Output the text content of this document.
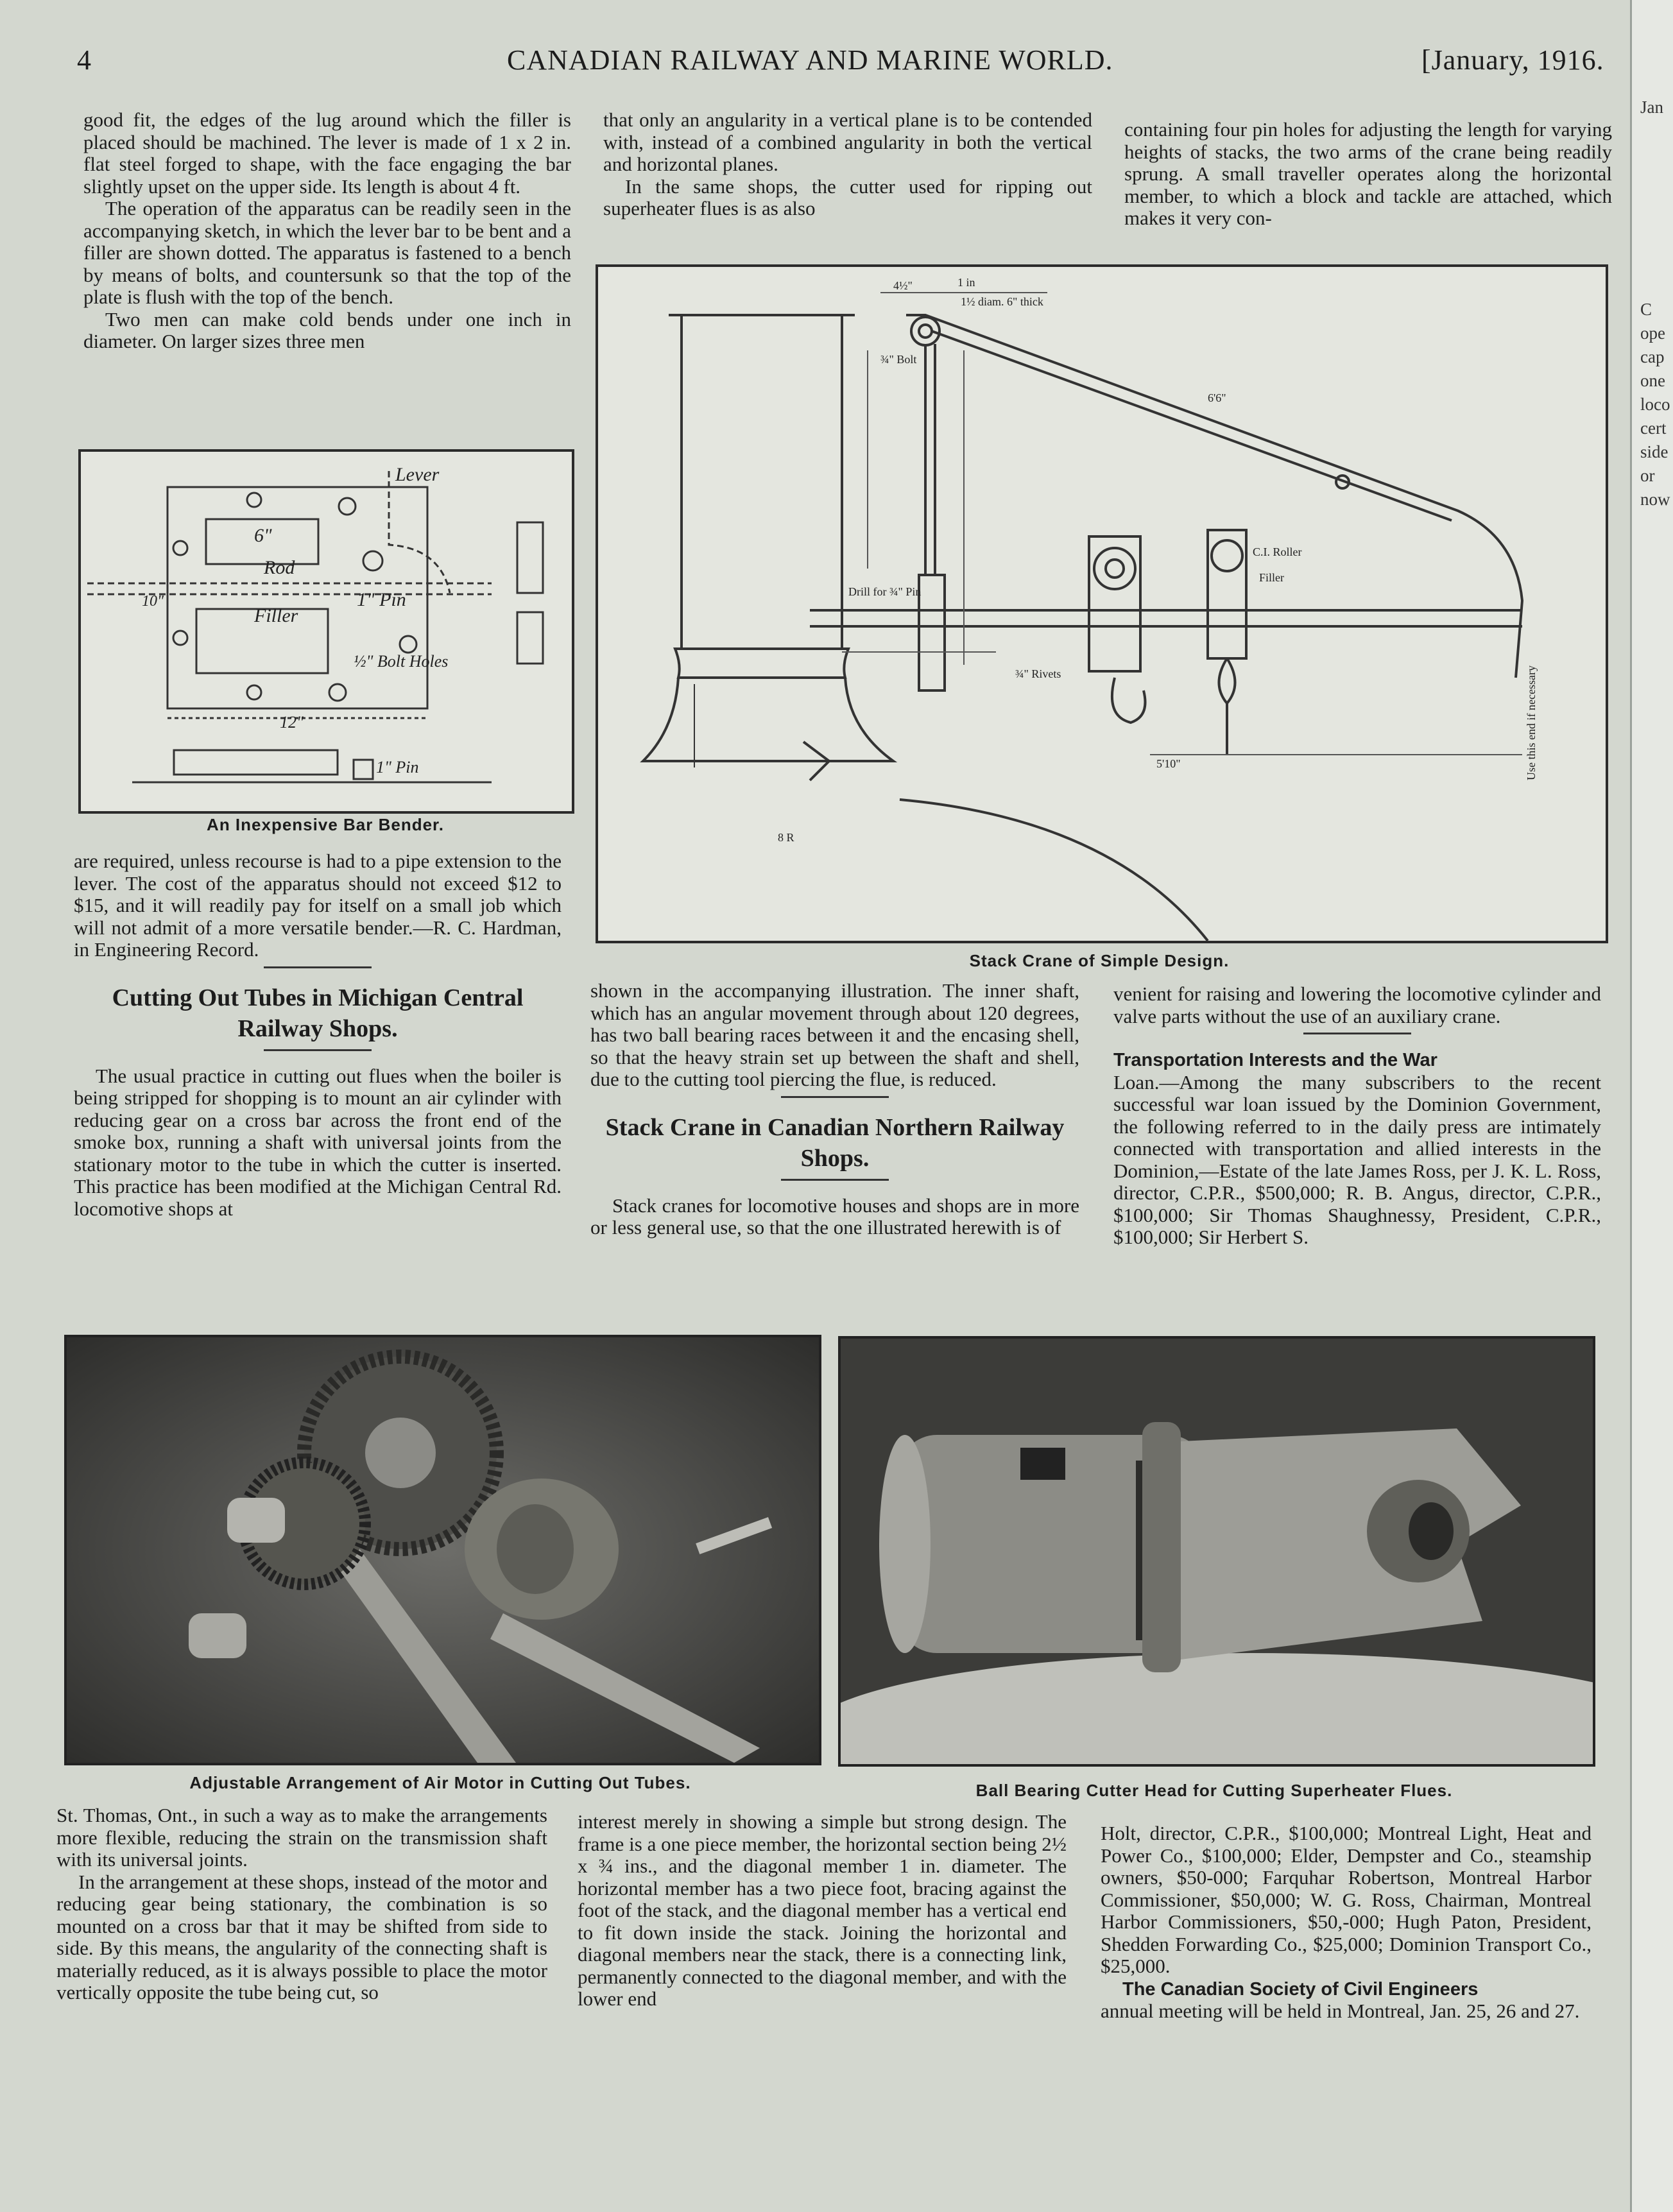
4	CANADIAN RAILWAY AND MARINE WORLD.	[January, 1916.

good fit, the edges of the lug around which the filler is placed should be machined. The lever is made of 1 x 2 in. flat steel forged to shape, with the face engaging the bar slightly upset on the upper side. Its length is about 4 ft.

The operation of the apparatus can be readily seen in the accompanying sketch, in which the lever bar to be bent and a filler are shown dotted. The apparatus is fastened to a bench by means of bolts, and countersunk so that the top of the plate is flush with the top of the bench.

Two men can make cold bends under one inch in diameter. On larger sizes three men

Lever
6"
Rod
Filler
1" Pin
½" Bolt Holes
12"
10"
1" Pin
An Inexpensive Bar Bender.

are required, unless recourse is had to a pipe extension to the lever. The cost of the apparatus should not exceed $12 to $15, and it will readily pay for itself on a small job which will not admit of a more versatile bender.—R. C. Hardman, in Engineering Record.

Cutting Out Tubes in Michigan Central Railway Shops.

The usual practice in cutting out flues when the boiler is being stripped for shopping is to mount an air cylinder with reducing gear on a cross bar across the front end of the smoke box, running a shaft with universal joints from the stationary motor to the tube in which the cutter is inserted. This practice has been modified at the Michigan Central Rd. locomotive shops at

that only an angularity in a vertical plane is to be contended with, instead of a combined angularity in both the vertical and horizontal planes.

In the same shops, the cutter used for ripping out superheater flues is as also

containing four pin holes for adjusting the length for varying heights of stacks, the two arms of the crane being readily sprung. A small traveller operates along the horizontal member, to which a block and tackle are attached, which makes it very con-

4½"	1 in
1½ diam. 6" thick
¾" Bolt
6'6"
Drill for ¾" Pin
¾" Rivets
C.I. Roller
Filler
5'10"
8 R
Use this end if necessary
Stack Crane of Simple Design.

shown in the accompanying illustration. The inner shaft, which has an angular movement through about 120 degrees, has two ball bearing races between it and the encasing shell, so that the heavy strain set up between the shaft and shell, due to the cutting tool piercing the flue, is reduced.

Stack Crane in Canadian Northern Railway Shops.

Stack cranes for locomotive houses and shops are in more or less general use, so that the one illustrated herewith is of

venient for raising and lowering the locomotive cylinder and valve parts without the use of an auxiliary crane.

Transportation Interests and the War

Loan.—Among the many subscribers to the recent successful war loan issued by the Dominion Government, the following referred to in the daily press are intimately connected with transportation and allied interests in the Dominion,—Estate of the late James Ross, per J. K. L. Ross, director, C.P.R., $500,000; R. B. Angus, director, C.P.R., $100,000; Sir Thomas Shaughnessy, President, C.P.R., $100,000; Sir Herbert S.

Adjustable Arrangement of Air Motor in Cutting Out Tubes.	Ball Bearing Cutter Head for Cutting Superheater Flues.

St. Thomas, Ont., in such a way as to make the arrangements more flexible, reducing the strain on the transmission shaft with its universal joints.

In the arrangement at these shops, instead of the motor and reducing gear being stationary, the combination is so mounted on a cross bar that it may be shifted from side to side. By this means, the angularity of the connecting shaft is materially reduced, as it is always possible to place the motor vertically opposite the tube being cut, so

interest merely in showing a simple but strong design. The frame is a one piece member, the horizontal section being 2½ x ¾ ins., and the diagonal member 1 in. diameter. The horizontal member has a two piece foot, bracing against the foot of the stack, and the diagonal member has a vertical end to fit down inside the stack. Joining the horizontal and diagonal members near the stack, there is a connecting link, permanently connected to the diagonal member, and with the lower end

Holt, director, C.P.R., $100,000; Montreal Light, Heat and Power Co., $100,000; Elder, Dempster and Co., steamship owners, $50-000; Farquhar Robertson, Montreal Harbor Commissioner, $50,000; W. G. Ross, Chairman, Montreal Harbor Commissioners, $50,-000; Hugh Paton, President, Shedden Forwarding Co., $25,000; Dominion Transport Co., $25,000.

The Canadian Society of Civil Engineers

annual meeting will be held in Montreal, Jan. 25, 26 and 27.

Jan
C
ope
cap
one
loco
cert
side
or
now
